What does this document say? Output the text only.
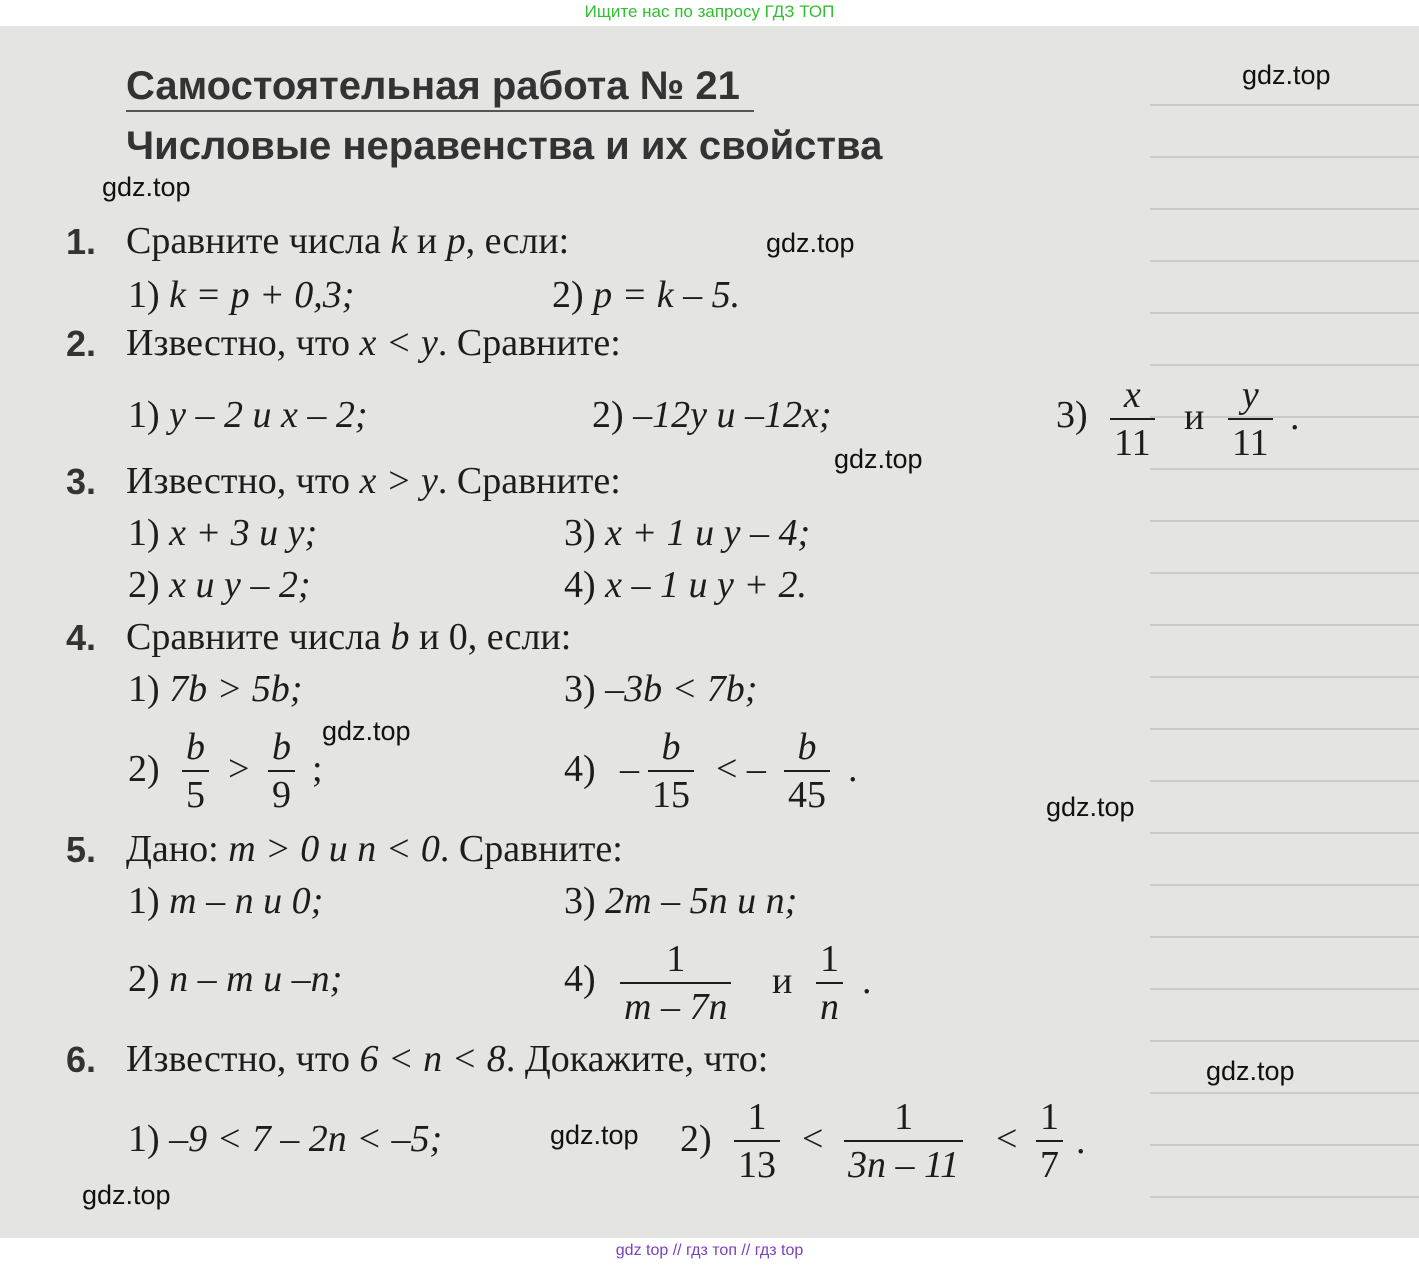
Ищите нас по запросу ГДЗ ТОП
Самостоятельная работа № 21
Числовые неравенства и их свойства
1. Сравните числа k и p, если:
1) k = p + 0,3;	2) p = k – 5.
2. Известно, что x < y. Сравните:
1) y – 2 и x – 2;	2) –12y и –12x;	$3) \frac{x}{11}$ и $\frac{y}{11}$ .
3. Известно, что x > y. Сравните:
1) x + 3 и y;	3) x + 1 и y – 4;
2) x и y – 2;	4) x – 1 и y + 2.
4. Сравните числа b и 0, если:
1) 7b > 5b;	3) –3b < 7b;
$2) \frac{b}{5} > \frac{b}{9}$ ;	$4) - \frac{b}{15}$ < – $\frac{b}{45}$ .
5. Дано: m > 0 и n < 0. Сравните:
1) m – n и 0;	3) 2m – 5n и n;
2) n – m и –n;	$4) \frac{1}{m - 7n}$ и $\frac{1}{n}$ .
6. Известно, что 6 < n < 8. Докажите, что:
1) –9 < 7 – 2n < –5;	$2) \frac{1}{13} < \frac{1}{3n - 11} < \frac{1}{7}$ .
gdz.top
gdz.top
gdz.top
gdz.top
gdz.top
gdz.top
gdz.top
gdz.top
gdz.top
gdz top // гдз топ // гдз top
